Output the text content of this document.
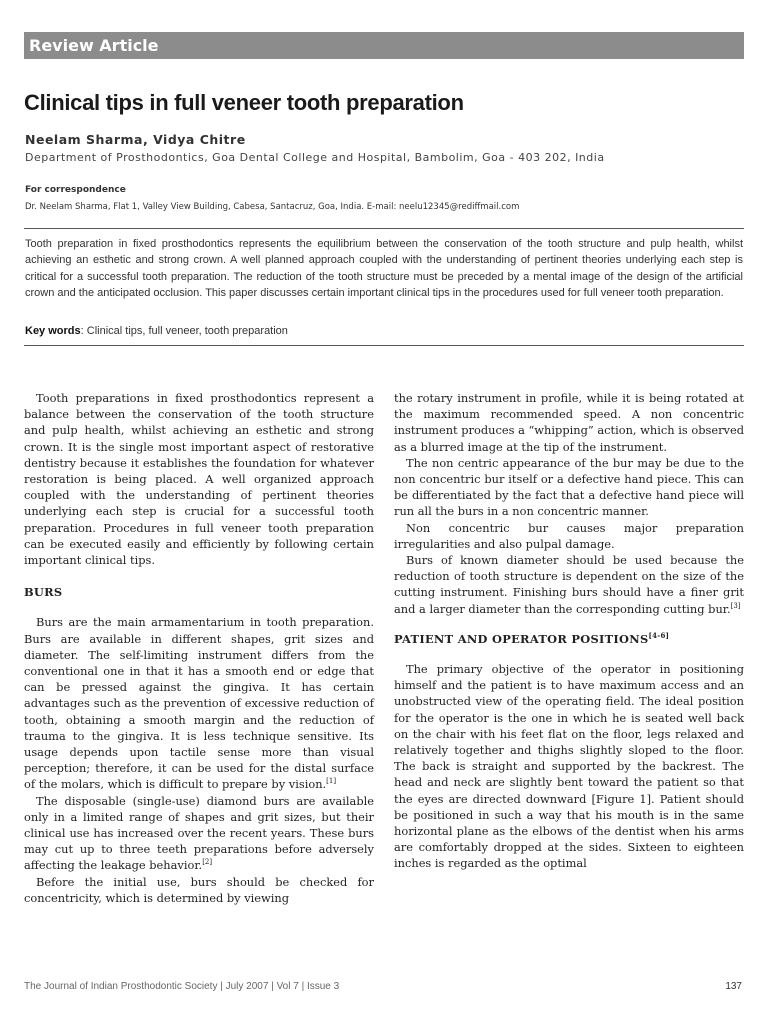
Review Article
Clinical tips in full veneer tooth preparation
Neelam Sharma, Vidya Chitre
Department of Prosthodontics, Goa Dental College and Hospital, Bambolim, Goa - 403 202, India
For correspondence
Dr. Neelam Sharma, Flat 1, Valley View Building, Cabesa, Santacruz, Goa, India. E-mail: neelu12345@rediffmail.com
Tooth preparation in fixed prosthodontics represents the equilibrium between the conservation of the tooth structure and pulp health, whilst achieving an esthetic and strong crown. A well planned approach coupled with the understanding of pertinent theories underlying each step is critical for a successful tooth preparation. The reduction of the tooth structure must be preceded by a mental image of the design of the artificial crown and the anticipated occlusion. This paper discusses certain important clinical tips in the procedures used for full veneer tooth preparation.
Key words: Clinical tips, full veneer, tooth preparation

Tooth preparations in fixed prosthodontics represent a balance between the conservation of the tooth structure and pulp health, whilst achieving an esthetic and strong crown. It is the single most important aspect of restorative dentistry because it establishes the foundation for whatever restoration is being placed. A well organized approach coupled with the understanding of pertinent theories underlying each step is crucial for a successful tooth preparation. Procedures in full veneer tooth preparation can be executed easily and efficiently by following certain important clinical tips.

BURS

Burs are the main armamentarium in tooth preparation. Burs are available in different shapes, grit sizes and diameter. The self-limiting instrument differs from the conventional one in that it has a smooth end or edge that can be pressed against the gingiva. It has certain advantages such as the prevention of excessive reduction of tooth, obtaining a smooth margin and the reduction of trauma to the gingiva. It is less technique sensitive. Its usage depends upon tactile sense more than visual perception; therefore, it can be used for the distal surface of the molars, which is difficult to prepare by vision.[1]

The disposable (single-use) diamond burs are available only in a limited range of shapes and grit sizes, but their clinical use has increased over the recent years. These burs may cut up to three teeth preparations before adversely affecting the leakage behavior.[2]

Before the initial use, burs should be checked for concentricity, which is determined by viewing

the rotary instrument in profile, while it is being rotated at the maximum recommended speed. A non concentric instrument produces a “whipping” action, which is observed as a blurred image at the tip of the instrument.

The non centric appearance of the bur may be due to the non concentric bur itself or a defective hand piece. This can be differentiated by the fact that a defective hand piece will run all the burs in a non concentric manner.

Non concentric bur causes major preparation irregularities and also pulpal damage.

Burs of known diameter should be used because the reduction of tooth structure is dependent on the size of the cutting instrument. Finishing burs should have a finer grit and a larger diameter than the corresponding cutting bur.[3]

PATIENT AND OPERATOR POSITIONS[4-6]

The primary objective of the operator in positioning himself and the patient is to have maximum access and an unobstructed view of the operating field. The ideal position for the operator is the one in which he is seated well back on the chair with his feet flat on the floor, legs relaxed and relatively together and thighs slightly sloped to the floor. The back is straight and supported by the backrest. The head and neck are slightly bent toward the patient so that the eyes are directed downward [Figure 1]. Patient should be positioned in such a way that his mouth is in the same horizontal plane as the elbows of the dentist when his arms are comfortably dropped at the sides. Sixteen to eighteen inches is regarded as the optimal

The Journal of Indian Prosthodontic Society | July 2007 | Vol 7 | Issue 3	137
